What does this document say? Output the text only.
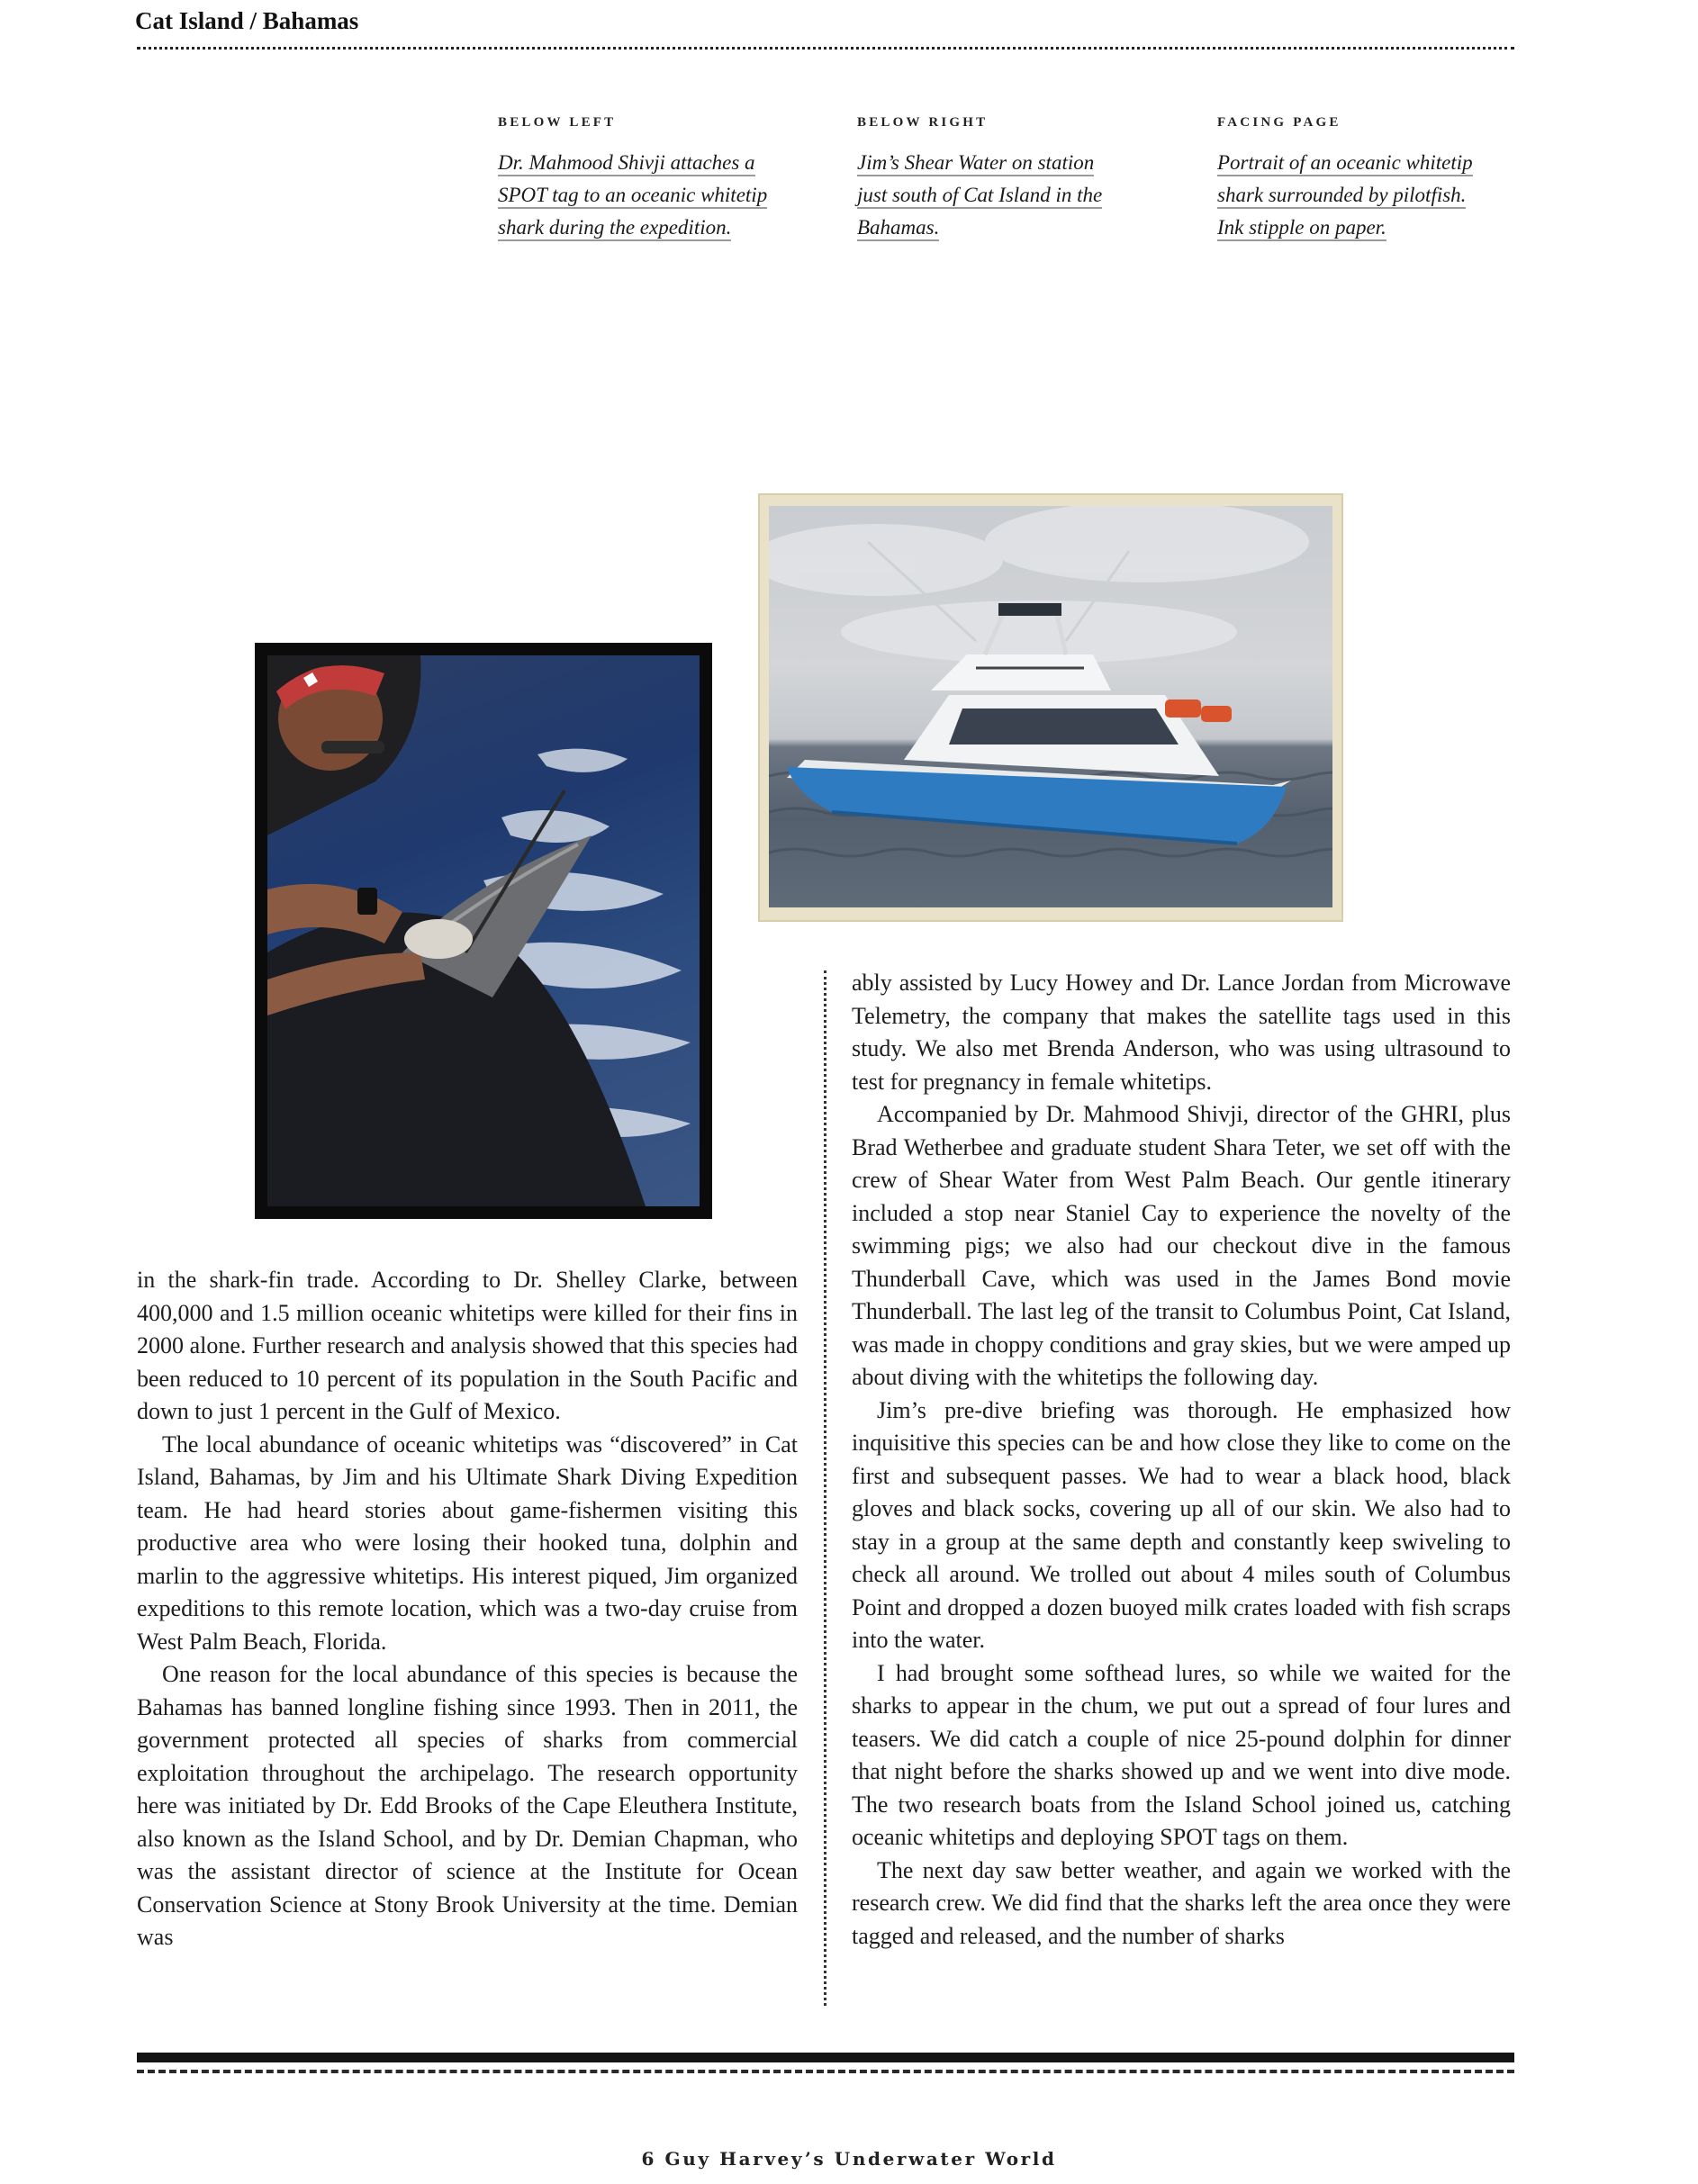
Cat Island / Bahamas
BELOW LEFT
Dr. Mahmood Shivji attaches a
SPOT tag to an oceanic whitetip
shark during the expedition.
BELOW RIGHT
Jim’s Shear Water on station
just south of Cat Island in the
Bahamas.
FACING PAGE
Portrait of an oceanic whitetip
shark surrounded by pilotfish.
Ink stipple on paper.

in the shark-fin trade. According to Dr. Shelley Clarke, between 400,000 and 1.5 million oceanic whitetips were killed for their fins in 2000 alone. Further research and analysis showed that this species had been reduced to 10 percent of its population in the South Pacific and down to just 1 percent in the Gulf of Mexico.

The local abundance of oceanic whitetips was “discovered” in Cat Island, Bahamas, by Jim and his Ultimate Shark Diving Expedition team. He had heard stories about game-fishermen visiting this productive area who were losing their hooked tuna, dolphin and marlin to the aggressive whitetips. His interest piqued, Jim organized expeditions to this remote location, which was a two-day cruise from West Palm Beach, Florida.

One reason for the local abundance of this species is because the Bahamas has banned longline fishing since 1993. Then in 2011, the government protected all species of sharks from commercial exploitation throughout the archipelago. The research opportunity here was initiated by Dr. Edd Brooks of the Cape Eleuthera Institute, also known as the Island School, and by Dr. Demian Chapman, who was the assistant director of science at the Institute for Ocean Conservation Science at Stony Brook University at the time. Demian was

ably assisted by Lucy Howey and Dr. Lance Jordan from Microwave Telemetry, the company that makes the satellite tags used in this study. We also met Brenda Anderson, who was using ultrasound to test for pregnancy in female whitetips.

Accompanied by Dr. Mahmood Shivji, director of the GHRI, plus Brad Wetherbee and graduate student Shara Teter, we set off with the crew of Shear Water from West Palm Beach. Our gentle itinerary included a stop near Staniel Cay to experience the novelty of the swimming pigs; we also had our checkout dive in the famous Thunderball Cave, which was used in the James Bond movie Thunderball. The last leg of the transit to Columbus Point, Cat Island, was made in choppy conditions and gray skies, but we were amped up about diving with the whitetips the following day.

Jim’s pre-dive briefing was thorough. He emphasized how inquisitive this species can be and how close they like to come on the first and subsequent passes. We had to wear a black hood, black gloves and black socks, covering up all of our skin. We also had to stay in a group at the same depth and constantly keep swiveling to check all around. We trolled out about 4 miles south of Columbus Point and dropped a dozen buoyed milk crates loaded with fish scraps into the water.

I had brought some softhead lures, so while we waited for the sharks to appear in the chum, we put out a spread of four lures and teasers. We did catch a couple of nice 25-pound dolphin for dinner that night before the sharks showed up and we went into dive mode. The two research boats from the Island School joined us, catching oceanic whitetips and deploying SPOT tags on them.

The next day saw better weather, and again we worked with the research crew. We did find that the sharks left the area once they were tagged and released, and the number of sharks

6 Guy Harvey’s Underwater World
